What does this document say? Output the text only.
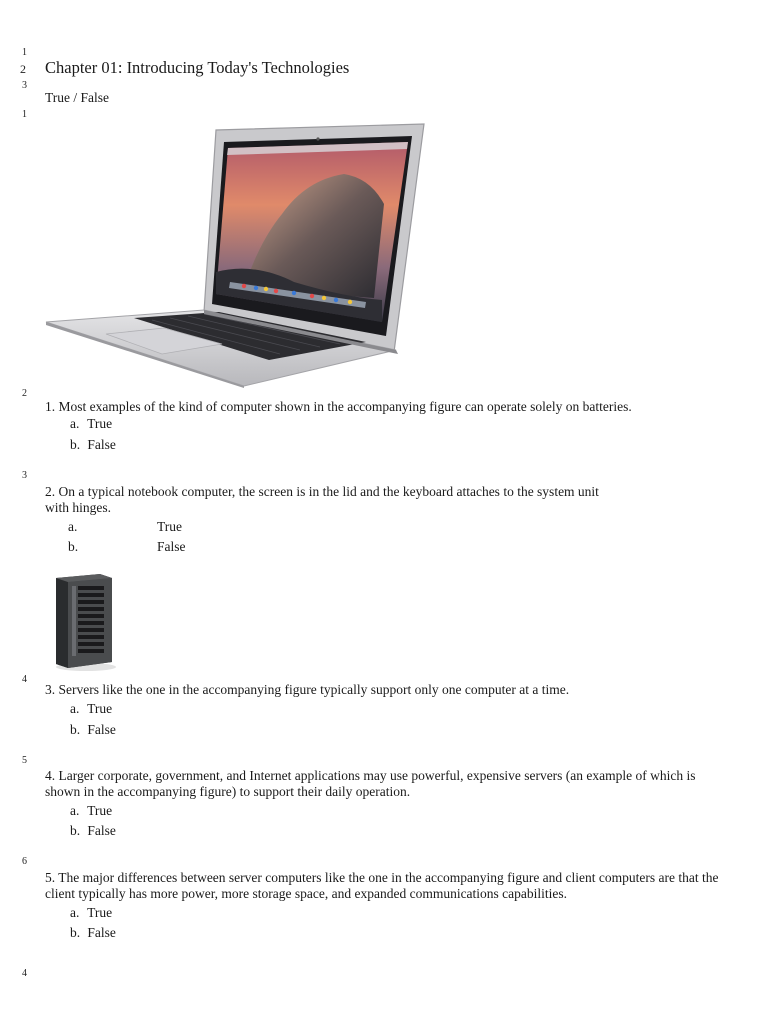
1
2
3
1
2
3
4
5
6
4
Chapter 01: Introducing Today's Technologies
True / False
1. Most examples of the kind of computer shown in the accompanying figure can operate solely on batteries.
a. True
b. False
2. On a typical notebook computer, the screen is in the lid and the keyboard attaches to the system unit
with hinges.
a.	True
b.	False
3. Servers like the one in the accompanying figure typically support only one computer at a time.
a. True
b. False
4. Larger corporate, government, and Internet applications may use powerful, expensive servers (an example of which is shown in the accompanying figure) to support their daily operation.
a. True
b. False
5. The major differences between server computers like the one in the accompanying figure and client computers are that the client typically has more power, more storage space, and expanded communications capabilities.
a. True
b. False
